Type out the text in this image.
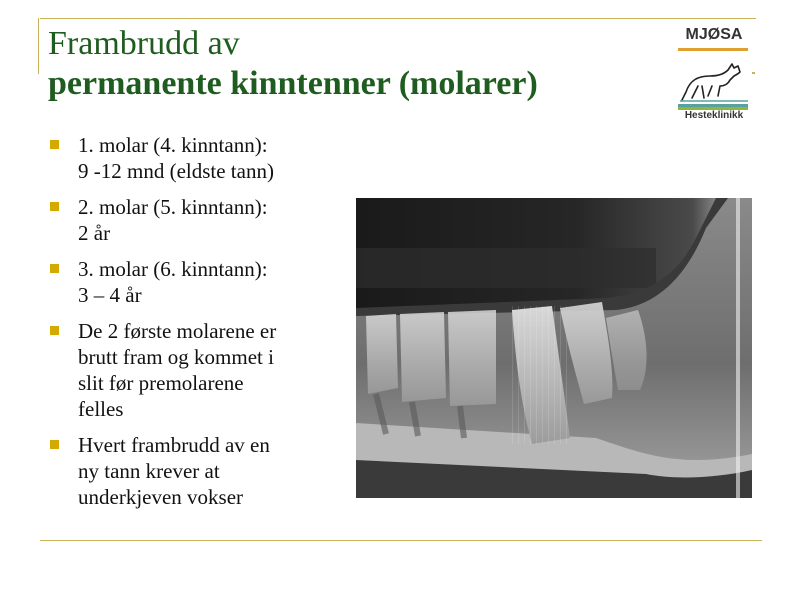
Frambrudd av
permanente kinntenner (molarer)
MJØSA
Hesteklinikk
1. molar (4. kinntann):
9 -12 mnd (eldste tann)
2. molar (5. kinntann):
2 år
3. molar (6. kinntann):
3 – 4 år
De 2 første molarene er
brutt fram og kommet i
slit før premolarene
felles
Hvert frambrudd av en
ny tann krever at
underkjeven vokser
